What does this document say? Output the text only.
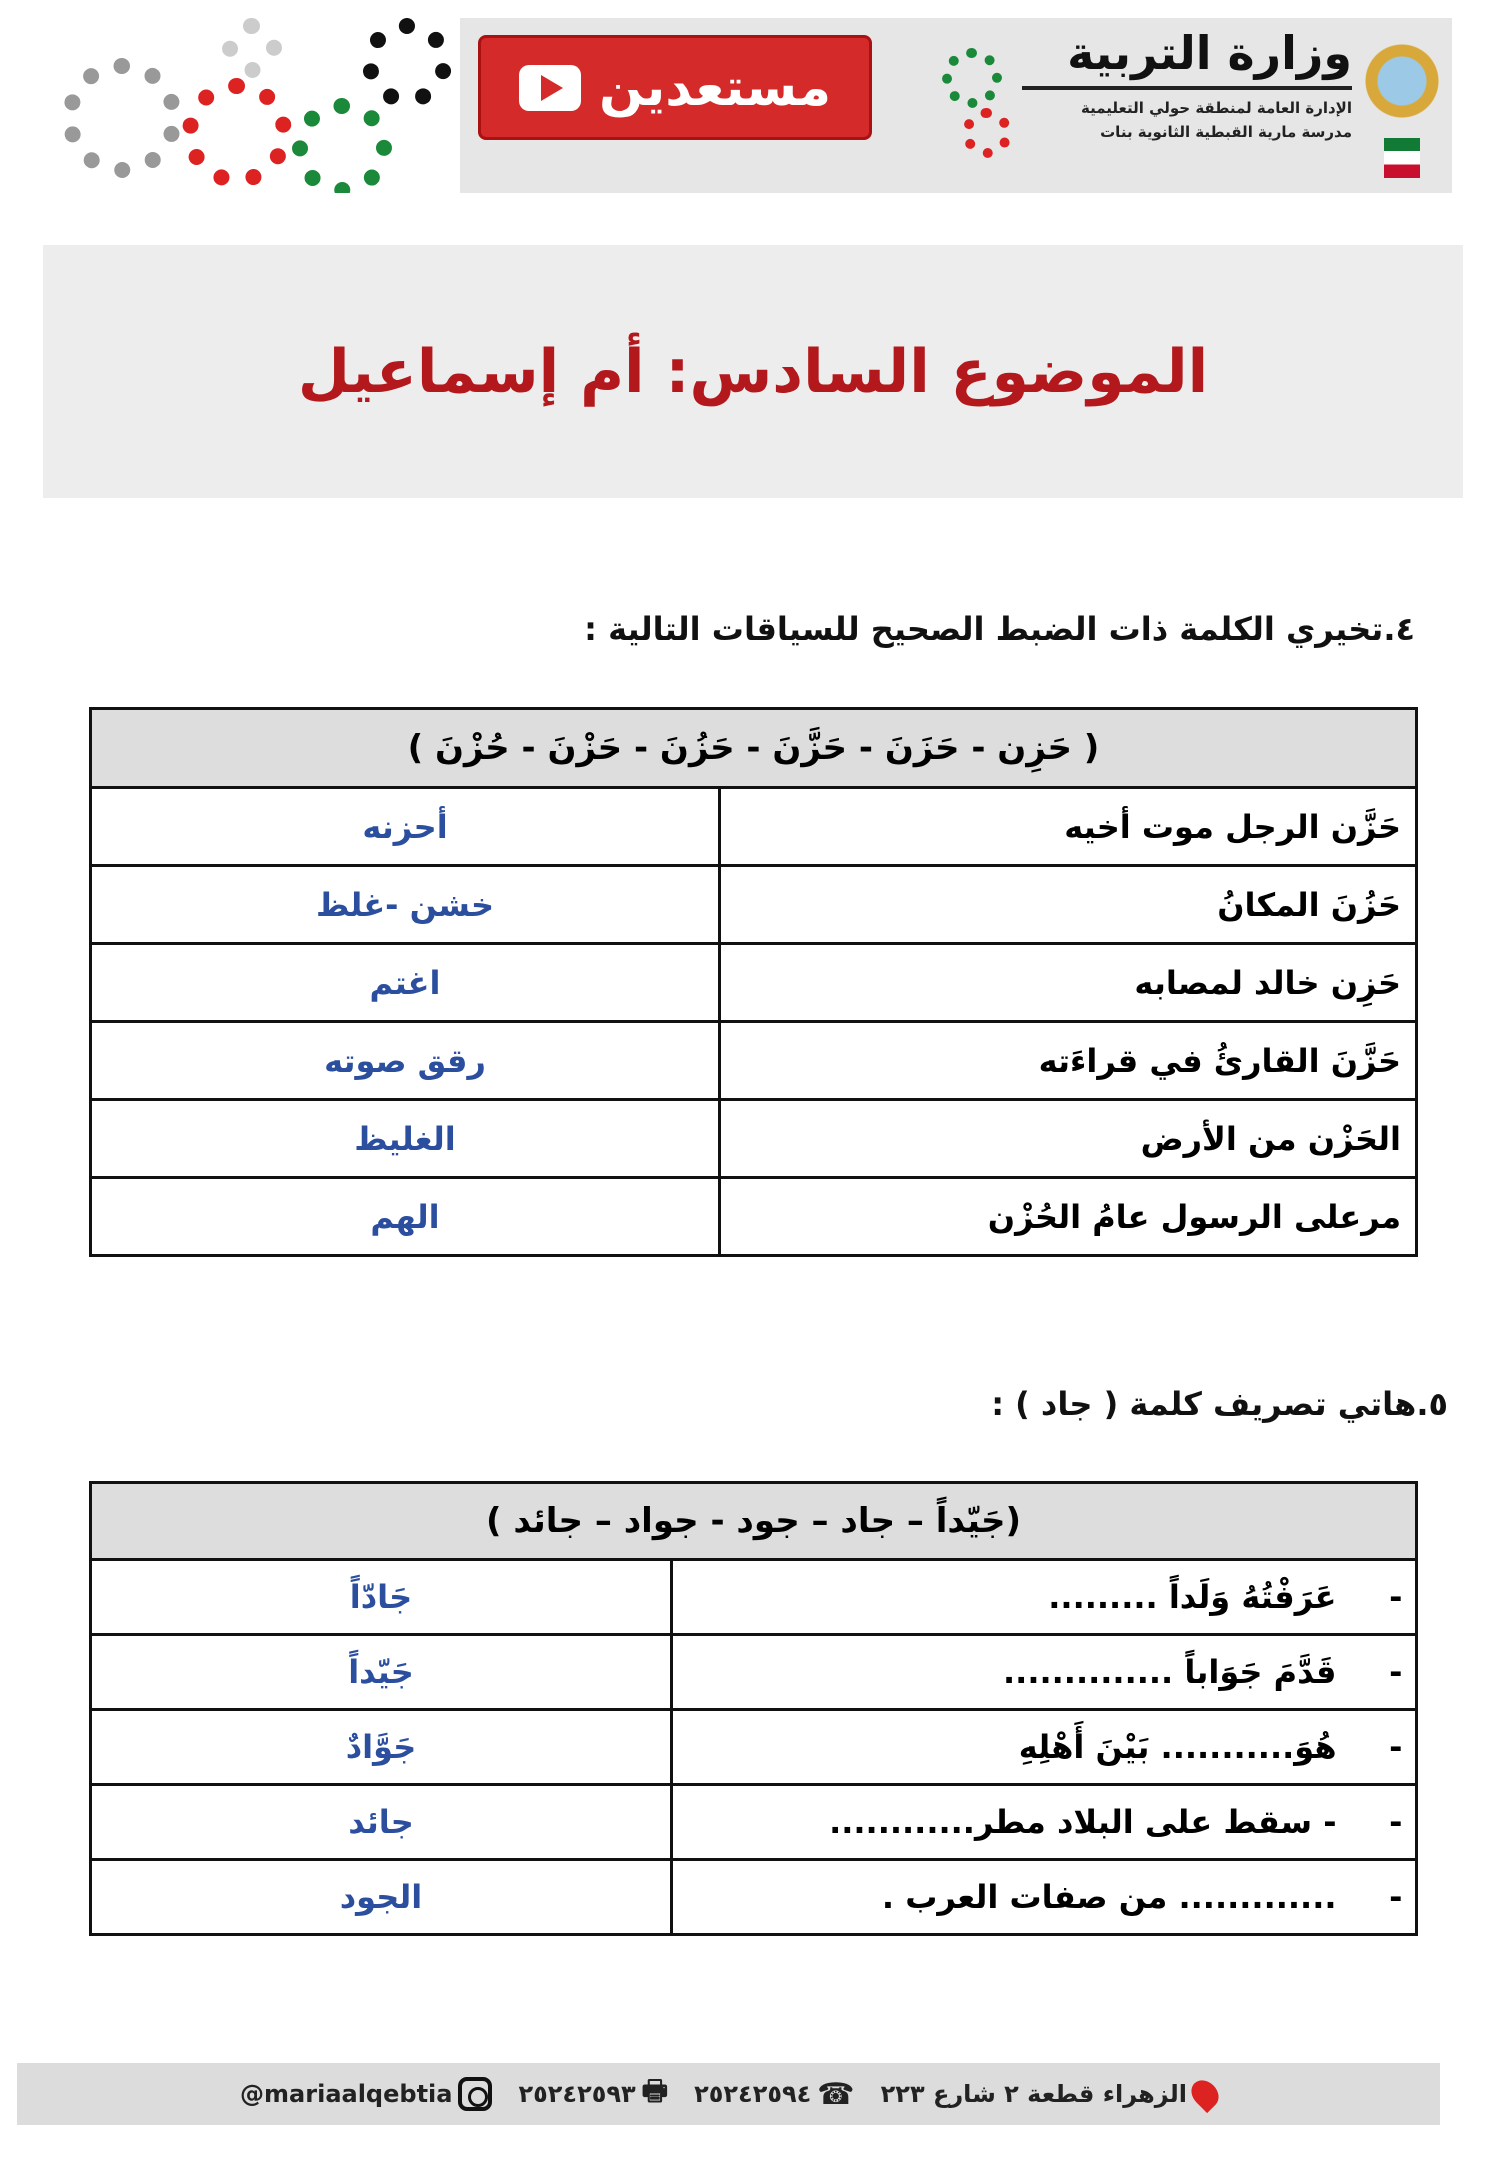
مستعدين
وزارة التربية
الإدارة العامة لمنطقة حولي التعليمية
مدرسة مارية القبطية الثانوية بنات
الموضوع السادس: أم إسماعيل
٤.تخيري الكلمة ذات الضبط الصحيح للسياقات التالية :
( حَزِن - حَزَنَ - حَزَّنَ - حَزُنَ - حَزْنَ - حُزْنَ )	
حَزَّن الرجل موت أخيه	أحزنه
حَزُنَ المكانُ	خشن -غلظ
حَزِن خالد لمصابه	اغتم
حَزَّنَ القارئُ في قراءَته	رقق صوته
الحَزْن من الأرض	الغليظ
مرعلى الرسول عامُ الحُزْن	الهم
٥.هاتي تصريف كلمة ( جاد ) :
(جَيّداً – جاد – جود - جواد – جائد )		
-	عَرَفْتُهُ وَلَداً .........	جَادّاً
-	قَدَّمَ جَوَاباً ..............	جَيّداً
-	هُوَ........... بَيْنَ أَهْلِهِ	جَوَّادٌ
-	- سقط على البلاد مطر............	جائد
-	............. من صفات العرب .	الجود
الزهراء قطعة ٢ شارع ٢٢٣
☎
٢٥٢٤٢٥٩٤
🖶
٢٥٢٤٢٥٩٣
@mariaalqebtia
